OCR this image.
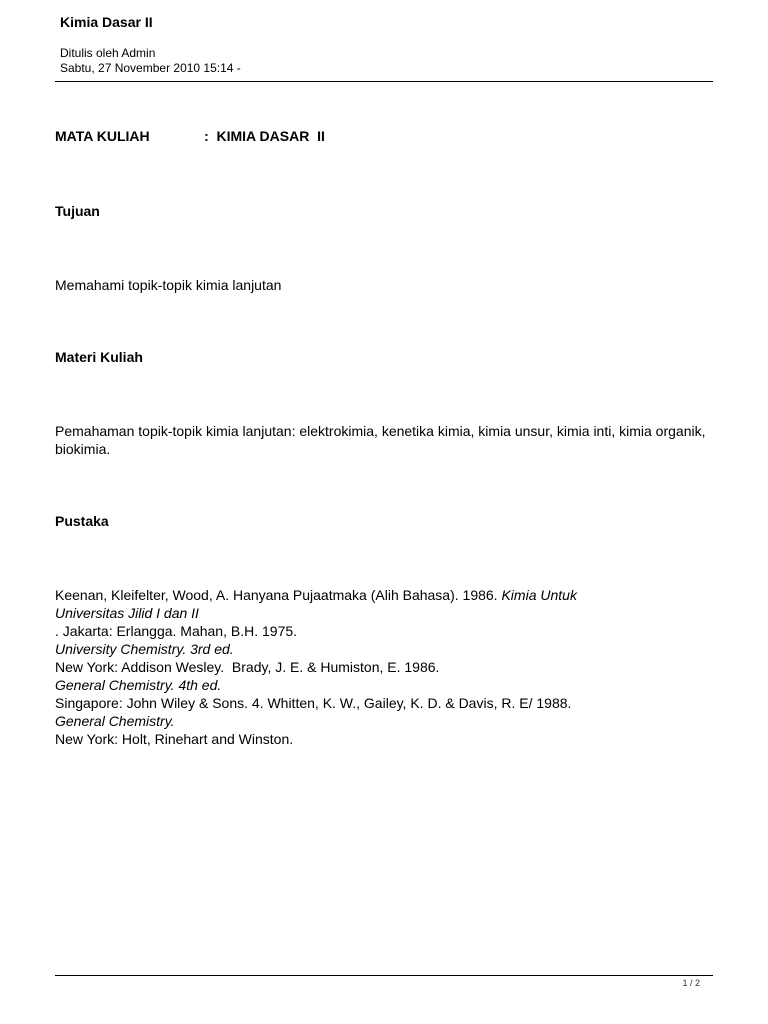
Kimia Dasar II
Ditulis oleh Admin
Sabtu, 27 November 2010 15:14 -
MATA KULIAH              :  KIMIA DASAR  II
Tujuan
Memahami topik-topik kimia lanjutan
Materi Kuliah
Pemahaman topik-topik kimia lanjutan: elektrokimia, kenetika kimia, kimia unsur, kimia inti, kimia organik, biokimia.
Pustaka
Keenan, Kleifelter, Wood, A. Hanyana Pujaatmaka (Alih Bahasa). 1986. Kimia Untuk
Universitas Jilid I dan II
. Jakarta: Erlangga. Mahan, B.H. 1975.
University Chemistry. 3rd ed.
New York: Addison Wesley.  Brady, J. E. & Humiston, E. 1986.
General Chemistry. 4th ed.
Singapore: John Wiley & Sons. 4. Whitten, K. W., Gailey, K. D. & Davis, R. E/ 1988.
General Chemistry.
New York: Holt, Rinehart and Winston.
1 / 2
